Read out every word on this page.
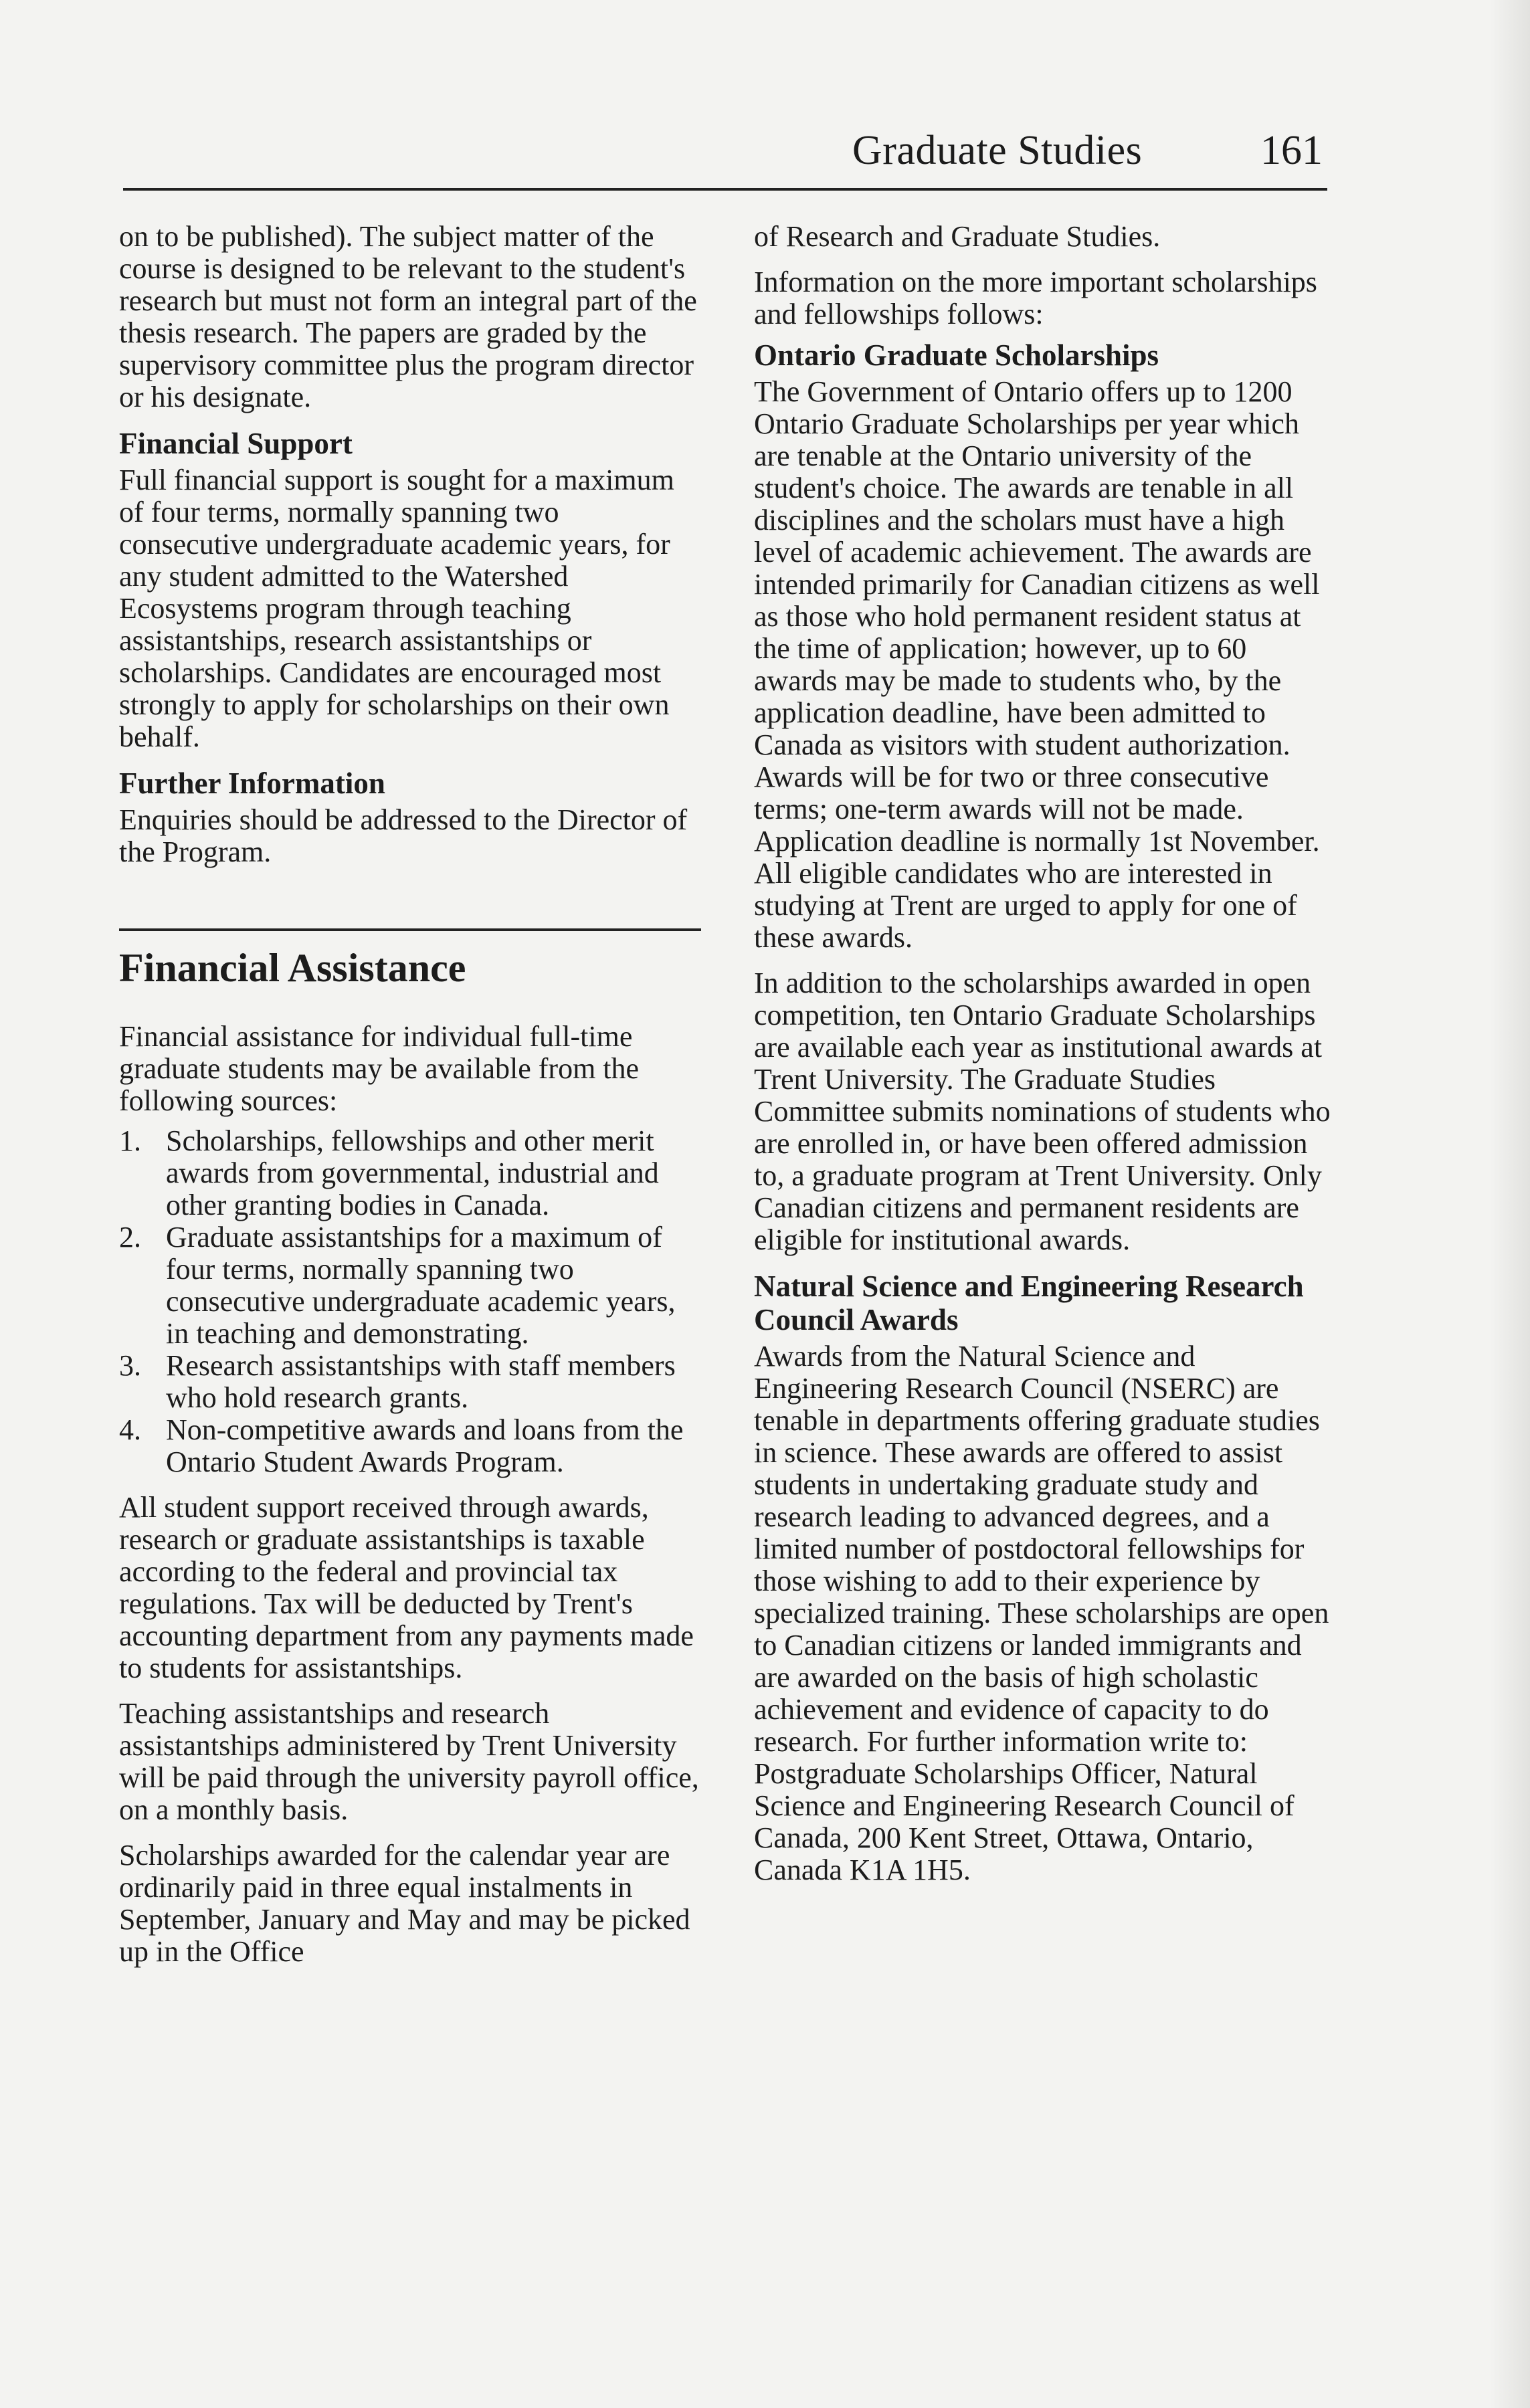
Graduate Studies	161

on to be published). The subject matter of the course is designed to be relevant to the student's research but must not form an integral part of the thesis research. The papers are graded by the supervisory committee plus the program director or his designate.

Financial Support

Full financial support is sought for a maximum of four terms, normally spanning two consecutive undergraduate academic years, for any student admitted to the Watershed Ecosystems program through teaching assistantships, research assistantships or scholarships. Candidates are encouraged most strongly to apply for scholarships on their own behalf.

Further Information

Enquiries should be addressed to the Director of the Program.

Financial Assistance

Financial assistance for individual full-time graduate students may be available from the following sources:

1. Scholarships, fellowships and other merit awards from governmental, industrial and other granting bodies in Canada.
2. Graduate assistantships for a maximum of four terms, normally spanning two consecutive undergraduate academic years, in teaching and demonstrating.
3. Research assistantships with staff members who hold research grants.
4. Non-competitive awards and loans from the Ontario Student Awards Program.

All student support received through awards, research or graduate assistantships is taxable according to the federal and provincial tax regulations. Tax will be deducted by Trent's accounting department from any payments made to students for assistantships.

Teaching assistantships and research assistantships administered by Trent University will be paid through the university payroll office, on a monthly basis.

Scholarships awarded for the calendar year are ordinarily paid in three equal instalments in September, January and May and may be picked up in the Office

of Research and Graduate Studies.

Information on the more important scholarships and fellowships follows:

Ontario Graduate Scholarships

The Government of Ontario offers up to 1200 Ontario Graduate Scholarships per year which are tenable at the Ontario university of the student's choice. The awards are tenable in all disciplines and the scholars must have a high level of academic achievement. The awards are intended primarily for Canadian citizens as well as those who hold permanent resident status at the time of application; however, up to 60 awards may be made to students who, by the application deadline, have been admitted to Canada as visitors with student authorization. Awards will be for two or three consecutive terms; one-term awards will not be made. Application deadline is normally 1st November. All eligible candidates who are interested in studying at Trent are urged to apply for one of these awards.

In addition to the scholarships awarded in open competition, ten Ontario Graduate Scholarships are available each year as institutional awards at Trent University. The Graduate Studies Committee submits nominations of students who are enrolled in, or have been offered admission to, a graduate program at Trent University. Only Canadian citizens and permanent residents are eligible for institutional awards.

Natural Science and Engineering Research Council Awards

Awards from the Natural Science and Engineering Research Council (NSERC) are tenable in departments offering graduate studies in science. These awards are offered to assist students in undertaking graduate study and research leading to advanced degrees, and a limited number of postdoctoral fellowships for those wishing to add to their experience by specialized training. These scholarships are open to Canadian citizens or landed immigrants and are awarded on the basis of high scholastic achievement and evidence of capacity to do research. For further information write to: Postgraduate Scholarships Officer, Natural Science and Engineering Research Council of Canada, 200 Kent Street, Ottawa, Ontario, Canada K1A 1H5.
